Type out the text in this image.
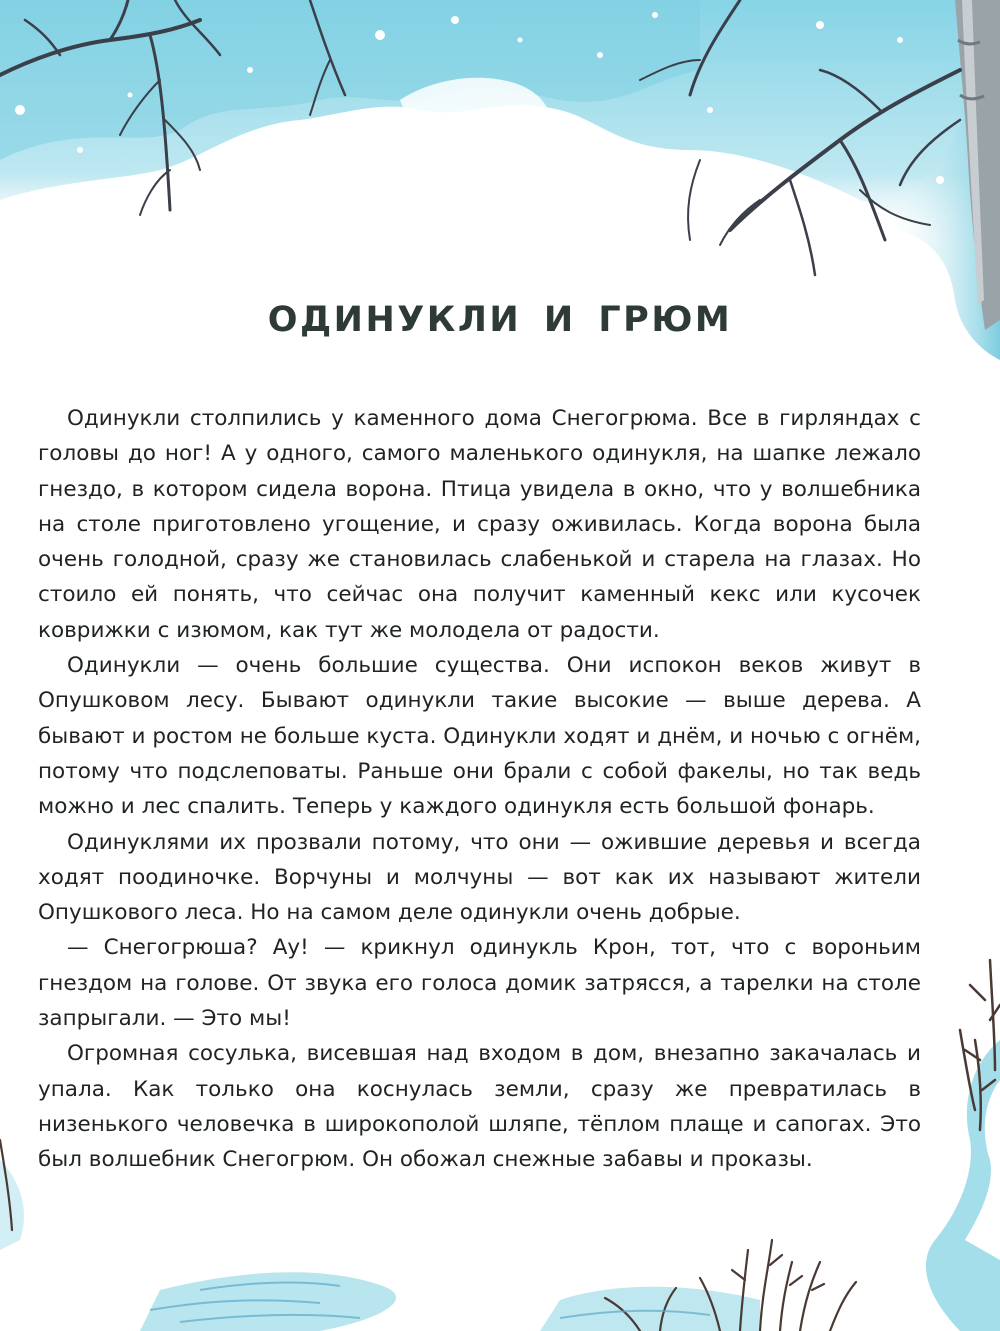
ОДИНУКЛИ И ГРЮМ

Одинукли столпились у каменного дома Снегогрюма. Все в гирляндах с головы до ног! А у одного, самого маленького одинукля, на шапке лежало гнездо, в котором сидела ворона. Птица увидела в окно, что у волшебника на столе приготовлено угощение, и сразу оживилась. Когда ворона была очень голодной, сразу же становилась слабенькой и старела на глазах. Но стоило ей понять, что сейчас она получит каменный кекс или кусочек коврижки с изюмом, как тут же молодела от радости.

Одинукли — очень большие существа. Они испокон веков живут в Опушковом лесу. Бывают одинукли такие высокие — выше дерева. А бывают и ростом не больше куста. Одинукли ходят и днём, и ночью с огнём, потому что подслеповаты. Раньше они брали с собой факелы, но так ведь можно и лес спалить. Теперь у каждого одинукля есть большой фонарь.

Одинуклями их прозвали потому, что они — ожившие деревья и всегда ходят поодиночке. Ворчуны и молчуны — вот как их называют жители Опушкового леса. Но на самом деле одинукли очень добрые.

— Снегогрюша? Ау! — крикнул одинукль Крон, тот, что с вороньим гнездом на голове. От звука его голоса домик затрясся, а тарелки на столе запрыгали. — Это мы!

Огромная сосулька, висевшая над входом в дом, внезапно закачалась и упала. Как только она коснулась земли, сразу же превратилась в низенького человечка в широкополой шляпе, тёплом плаще и сапогах. Это был волшебник Снегогрюм. Он обожал снежные забавы и проказы.
